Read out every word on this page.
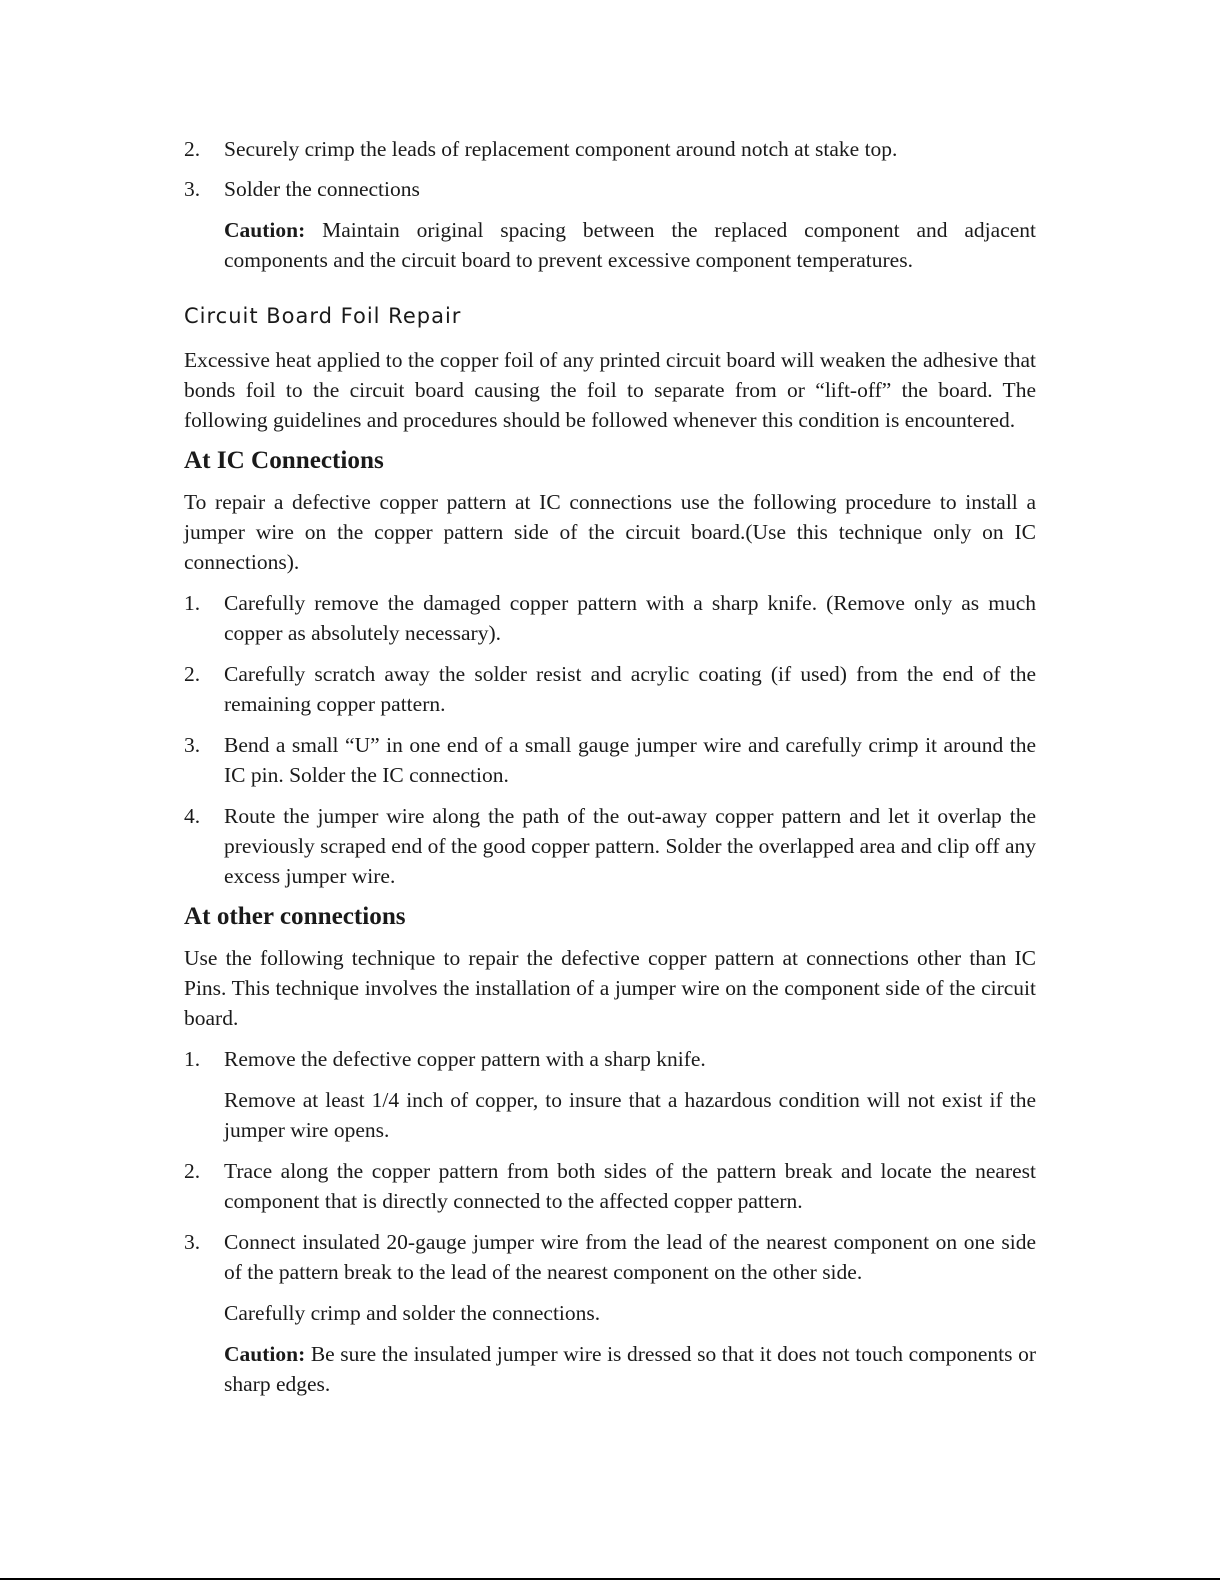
2. Securely crimp the leads of replacement component around notch at stake top.
3. Solder the connections

Caution: Maintain original spacing between the replaced component and adjacent components and the circuit board to prevent excessive component temperatures.

Circuit Board Foil Repair

Excessive heat applied to the copper foil of any printed circuit board will weaken the adhesive that bonds foil to the circuit board causing the foil to separate from or “lift-off” the board. The following guidelines and procedures should be followed whenever this condition is encountered.

At IC Connections

To repair a defective copper pattern at IC connections use the following procedure to install a jumper wire on the copper pattern side of the circuit board.(Use this technique only on IC connections).

1. Carefully remove the damaged copper pattern with a sharp knife. (Remove only as much copper as absolutely necessary).
2. Carefully scratch away the solder resist and acrylic coating (if used) from the end of the remaining copper pattern.
3. Bend a small “U” in one end of a small gauge jumper wire and carefully crimp it around the IC pin. Solder the IC connection.
4. Route the jumper wire along the path of the out-away copper pattern and let it overlap the previously scraped end of the good copper pattern. Solder the overlapped area and clip off any excess jumper wire.
At other connections

Use the following technique to repair the defective copper pattern at connections other than IC Pins. This technique involves the installation of a jumper wire on the component side of the circuit board.

1. Remove the defective copper pattern with a sharp knife.

Remove at least 1/4 inch of copper, to insure that a hazardous condition will not exist if the jumper wire opens.

2. Trace along the copper pattern from both sides of the pattern break and locate the nearest component that is directly connected to the affected copper pattern.
3. Connect insulated 20-gauge jumper wire from the lead of the nearest component on one side of the pattern break to the lead of the nearest component on the other side.

Carefully crimp and solder the connections.

Caution: Be sure the insulated jumper wire is dressed so that it does not touch components or sharp edges.
